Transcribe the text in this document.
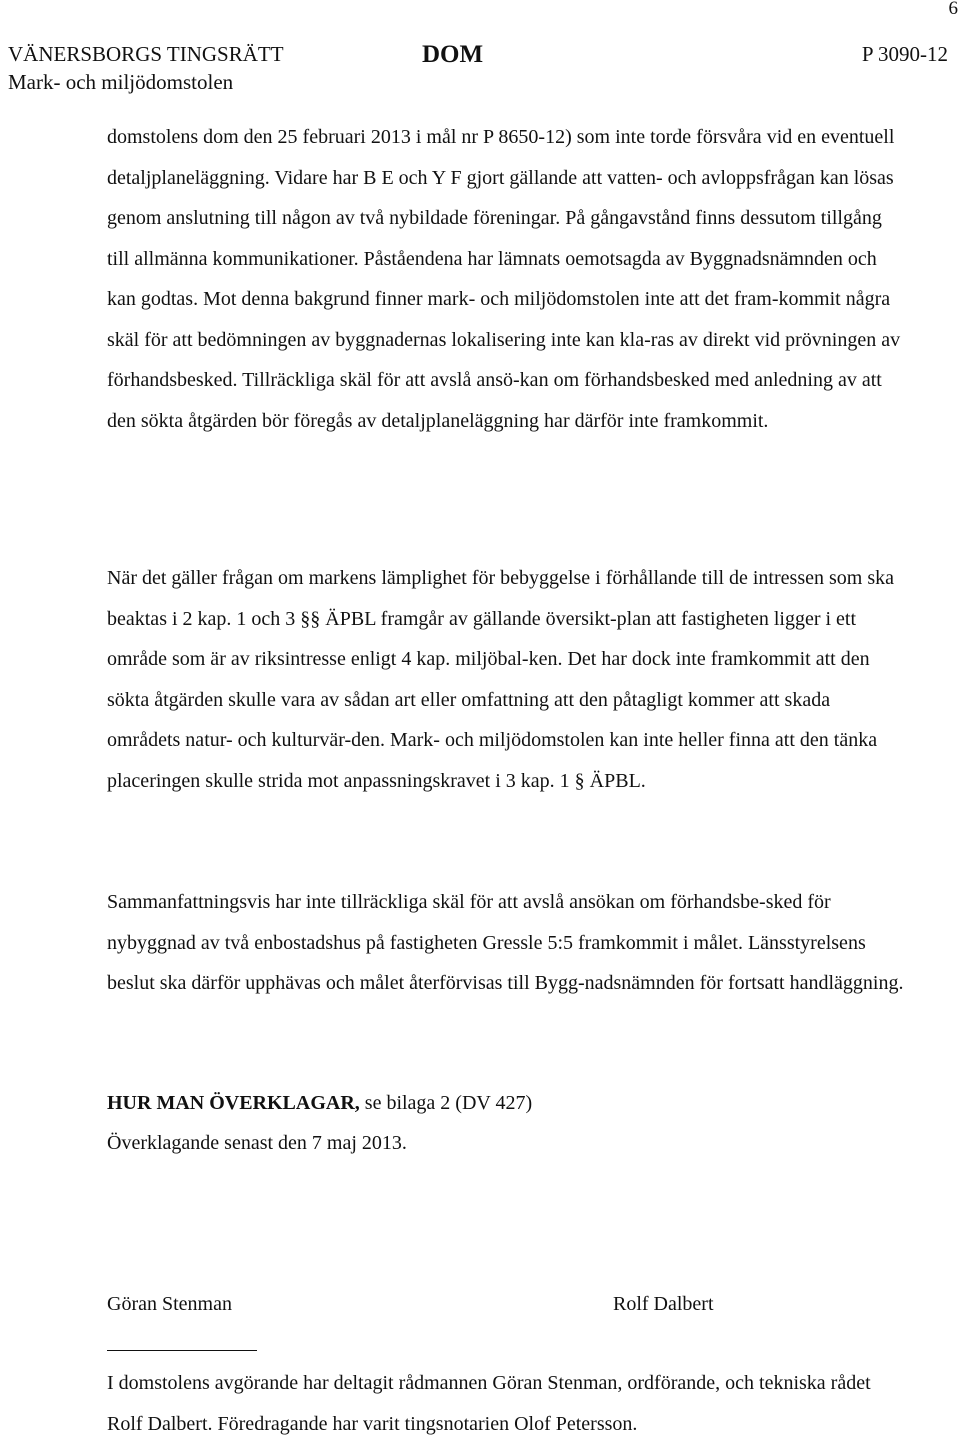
6
VÄNERSBORGS TINGSRÄTT
Mark- och miljödomstolen
DOM	P 3090-12

domstolens dom den 25 februari 2013 i mål nr P 8650-12) som inte torde försvåra vid en eventuell detaljplaneläggning. Vidare har B E och Y F gjort gällande att vatten- och avloppsfrågan kan lösas genom anslutning till någon av två nybildade föreningar. På gångavstånd finns dessutom tillgång till allmänna kommunikationer. Påståendena har lämnats oemotsagda av Byggnadsnämnden och kan godtas. Mot denna bakgrund finner mark- och miljödomstolen inte att det fram-kommit några skäl för att bedömningen av byggnadernas lokalisering inte kan kla-ras av direkt vid prövningen av förhandsbesked. Tillräckliga skäl för att avslå ansö-kan om förhandsbesked med anledning av att den sökta åtgärden bör föregås av detaljplaneläggning har därför inte framkommit.

När det gäller frågan om markens lämplighet för bebyggelse i förhållande till de intressen som ska beaktas i 2 kap. 1 och 3 §§ ÄPBL framgår av gällande översikt-plan att fastigheten ligger i ett område som är av riksintresse enligt 4 kap. miljöbal-ken. Det har dock inte framkommit att den sökta åtgärden skulle vara av sådan art eller omfattning att den påtagligt kommer att skada områdets natur- och kulturvär-den. Mark- och miljödomstolen kan inte heller finna att den tänka placeringen skulle strida mot anpassningskravet i 3 kap. 1 § ÄPBL.

Sammanfattningsvis har inte tillräckliga skäl för att avslå ansökan om förhandsbe-sked för nybyggnad av två enbostadshus på fastigheten Gressle 5:5 framkommit i målet. Länsstyrelsens beslut ska därför upphävas och målet återförvisas till Bygg-nadsnämnden för fortsatt handläggning.

HUR MAN ÖVERKLAGAR, se bilaga 2 (DV 427)
Överklagande senast den 7 maj 2013.
Göran Stenman	Rolf Dalbert

I domstolens avgörande har deltagit rådmannen Göran Stenman, ordförande, och tekniska rådet Rolf Dalbert. Föredragande har varit tingsnotarien Olof Petersson.
